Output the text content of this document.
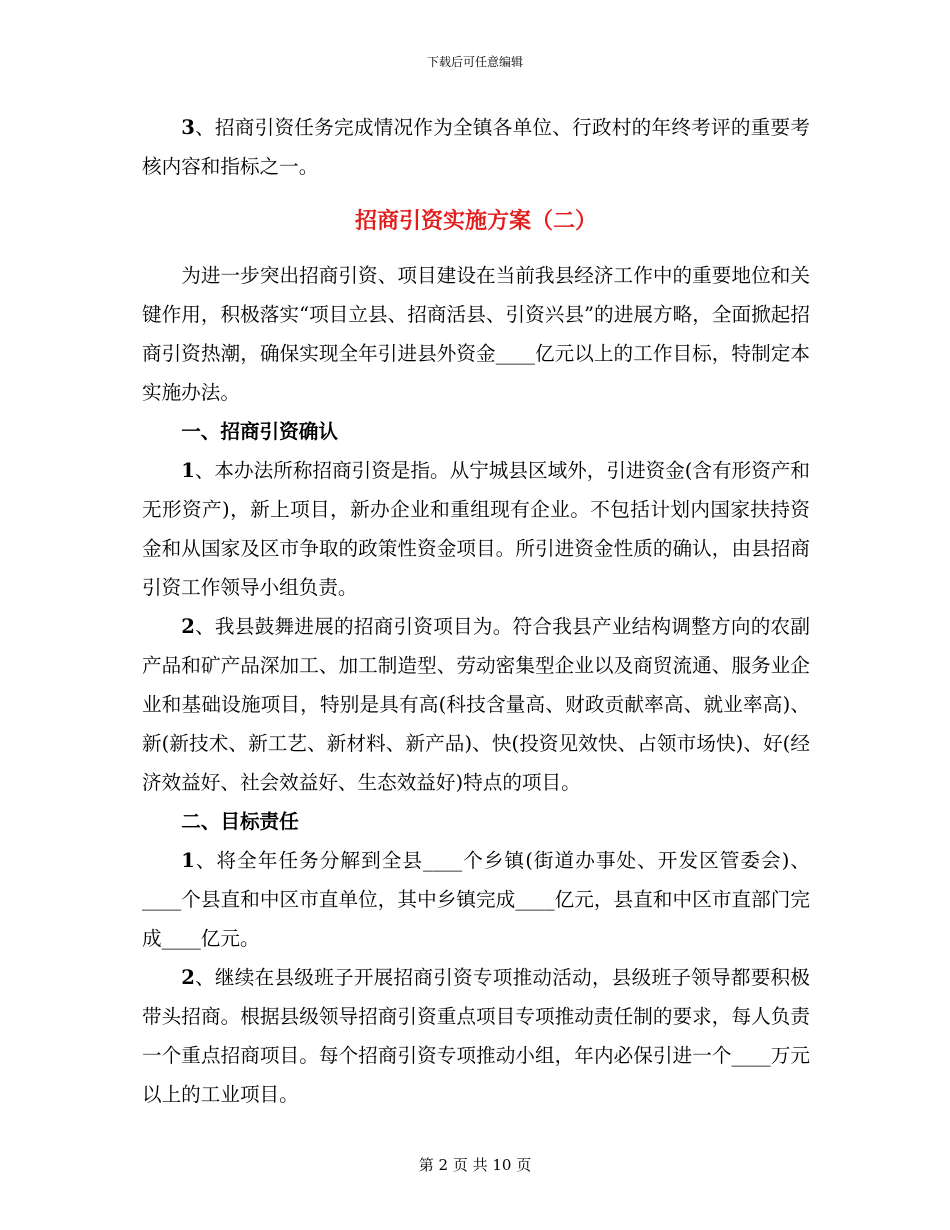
下载后可任意编辑

3、招商引资任务完成情况作为全镇各单位、行政村的年终考评的重要考核内容和指标之一。

招商引资实施方案（二）

为进一步突出招商引资、项目建设在当前我县经济工作中的重要地位和关键作用，积极落实“项目立县、招商活县、引资兴县”的进展方略，全面掀起招商引资热潮，确保实现全年引进县外资金____亿元以上的工作目标，特制定本实施办法。

一、招商引资确认

1、本办法所称招商引资是指。从宁城县区域外，引进资金(含有形资产和无形资产)，新上项目，新办企业和重组现有企业。不包括计划内国家扶持资金和从国家及区市争取的政策性资金项目。所引进资金性质的确认，由县招商引资工作领导小组负责。

2、我县鼓舞进展的招商引资项目为。符合我县产业结构调整方向的农副产品和矿产品深加工、加工制造型、劳动密集型企业以及商贸流通、服务业企业和基础设施项目，特别是具有高(科技含量高、财政贡献率高、就业率高)、新(新技术、新工艺、新材料、新产品)、快(投资见效快、占领市场快)、好(经济效益好、社会效益好、生态效益好)特点的项目。

二、目标责任

1、将全年任务分解到全县____个乡镇(街道办事处、开发区管委会)、____个县直和中区市直单位，其中乡镇完成____亿元，县直和中区市直部门完成____亿元。

2、继续在县级班子开展招商引资专项推动活动，县级班子领导都要积极带头招商。根据县级领导招商引资重点项目专项推动责任制的要求，每人负责一个重点招商项目。每个招商引资专项推动小组，年内必保引进一个____万元以上的工业项目。

第 2 页 共 10 页
